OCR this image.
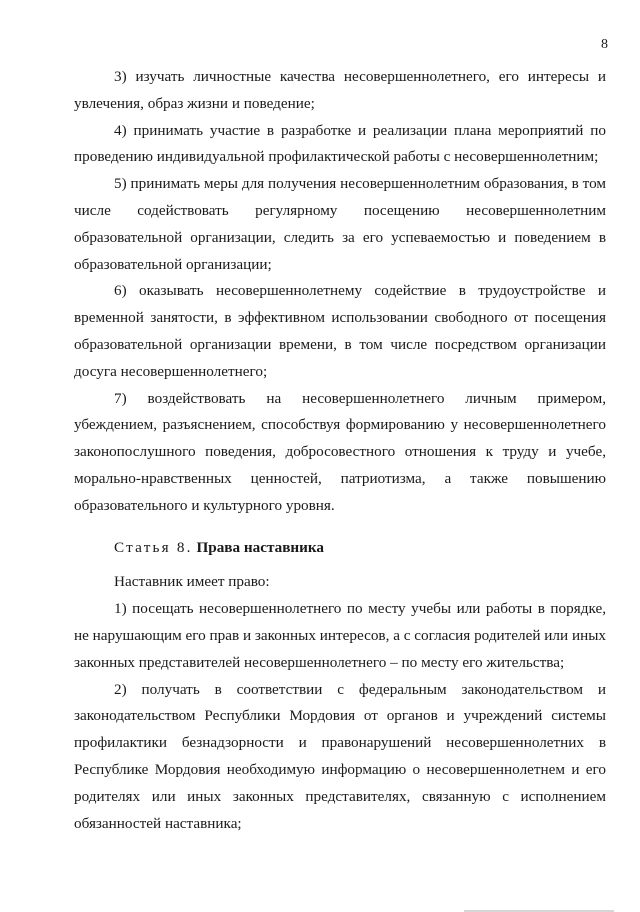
8

3) изучать личностные качества несовершеннолетнего, его интересы и увлечения, образ жизни и поведение;

4) принимать участие в разработке и реализации плана мероприятий по проведению индивидуальной профилактической работы с несовершеннолетним;

5) принимать меры для получения несовершеннолетним образования, в том числе содействовать регулярному посещению несовершеннолетним образовательной организации, следить за его успеваемостью и поведением в образовательной организации;

6) оказывать несовершеннолетнему содействие в трудоустройстве и временной занятости, в эффективном использовании свободного от посещения образовательной организации времени, в том числе посредством организации досуга несовершеннолетнего;

7) воздействовать на несовершеннолетнего личным примером, убеждением, разъяснением, способствуя формированию у несовершеннолетнего законопослушного поведения, добросовестного отношения к труду и учебе, морально-нравственных ценностей, патриотизма, а также повышению образовательного и культурного уровня.

Статья 8. Права наставника

Наставник имеет право:

1) посещать несовершеннолетнего по месту учебы или работы в порядке, не нарушающим его прав и законных интересов, а с согласия родителей или иных законных представителей несовершеннолетнего – по месту его жительства;

2) получать в соответствии с федеральным законодательством и законодательством Республики Мордовия от органов и учреждений системы профилактики безнадзорности и правонарушений несовершеннолетних в Республике Мордовия необходимую информацию о несовершеннолетнем и его родителях или иных законных представителях, связанную с исполнением обязанностей наставника;
